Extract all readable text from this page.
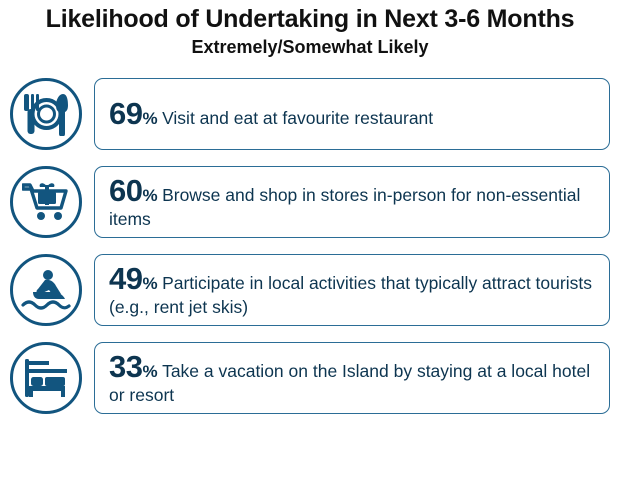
Likelihood of Undertaking in Next 3-6 Months
Extremely/Somewhat Likely
69% Visit and eat at favourite restaurant
60% Browse and shop in stores in-person for non-essential items
49% Participate in local activities that typically attract tourists (e.g., rent jet skis)
33% Take a vacation on the Island by staying at a local hotel or resort
